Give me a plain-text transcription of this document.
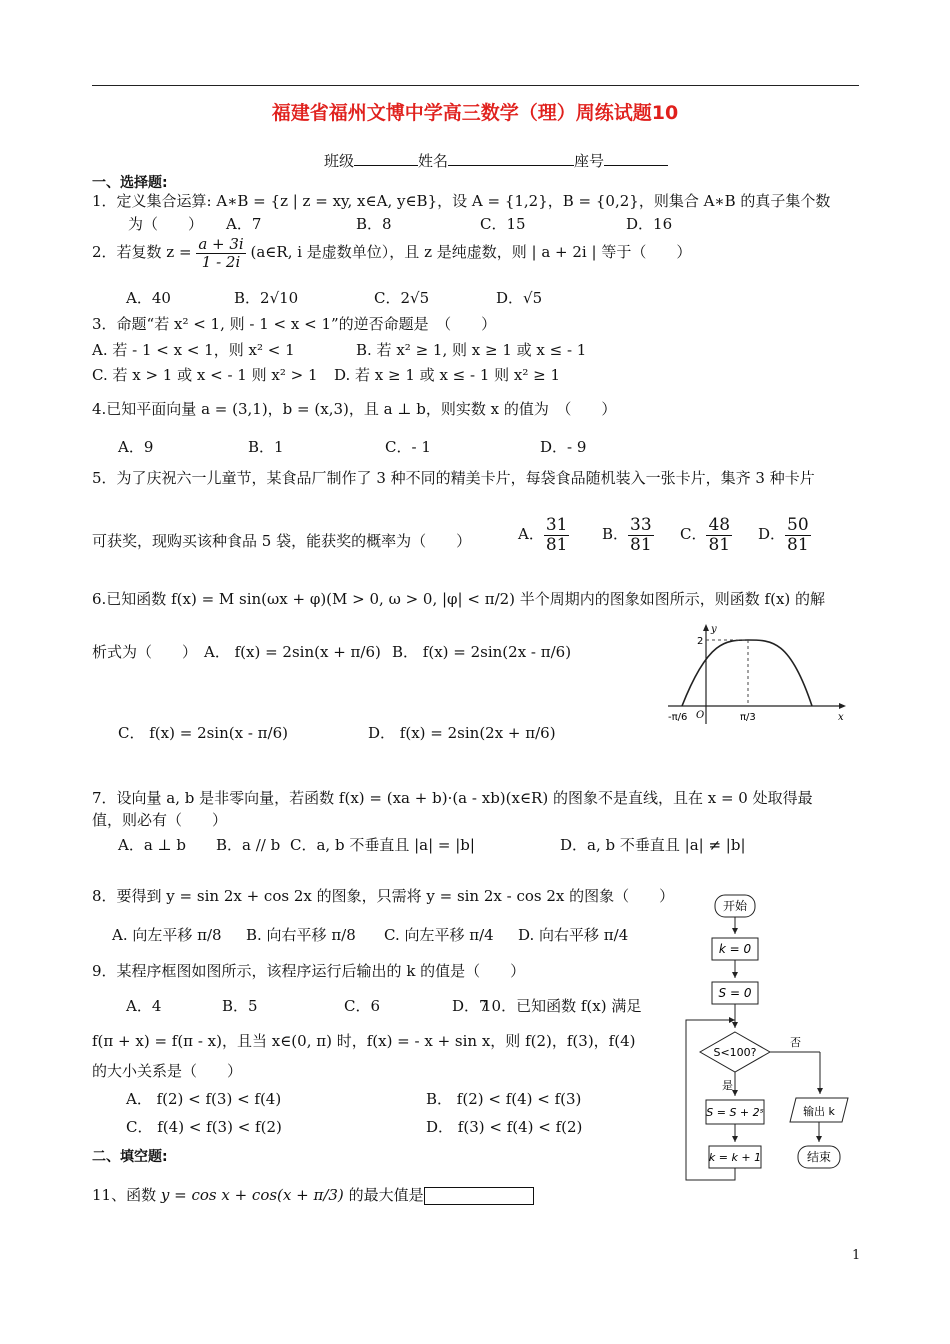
福建省福州文博中学高三数学（理）周练试题10
班级	姓名	座号
一、选择题:
1．定义集合运算: A∗B = {z | z = xy, x∈A, y∈B}，设 A = {1,2}，B = {0,2}，则集合 A∗B 的真子集个数
为（　　） A．7	B．8	C．15	D．16
2．若复数 $z = \frac{a + 3i}{1 - 2i}$ (a∈R, i 是虚数单位），且 z 是纯虚数，则 | a + 2i | 等于（　　）
A．40	B．2√10	C．2√5	D．√5
3．命题“若 x² < 1, 则 - 1 < x < 1”的逆否命题是　（　　）
A. 若 - 1 < x < 1，则 x² < 1	B. 若 x² ≥ 1, 则 x ≥ 1 或 x ≤ - 1
C. 若 x > 1 或 x < - 1 则 x² > 1 D. 若 x ≥ 1 或 x ≤ - 1 则 x² ≥ 1
4.已知平面向量 a = (3,1)，b = (x,3)，且 a ⊥ b，则实数 x 的值为　（　　）
A．9	B．1	C．- 1	D．- 9
5．为了庆祝六一儿童节，某食品厂制作了 3 种不同的精美卡片，每袋食品随机装入一张卡片，集齐 3 种卡片
可获奖，现购买该种食品 5 袋，能获奖的概率为（　　）	A． $\frac{31}{81}$ B． $\frac{33}{81}$ C． $\frac{48}{81}$ D． $\frac{50}{81}$
6.已知函数 f(x) = M sin(ωx + φ)(M > 0, ω > 0, |φ| < π/2) 半个周期内的图象如图所示，则函数 f(x) 的解
析式为（　　） A． f(x) = 2sin(x + π/6) B． f(x) = 2sin(2x - π/6)
C． f(x) = 2sin(x - π/6)	D． f(x) = 2sin(2x + π/6)
y
x
2
-π/6 O	π/3
7．设向量 a, b 是非零向量，若函数 f(x) = (xa + b)·(a - xb)(x∈R) 的图象不是直线，且在 x = 0 处取得最
值，则必有（　　）
A．a ⊥ b B．a // b C．a, b 不垂直且 |a| = |b|	D．a, b 不垂直且 |a| ≠ |b|
8．要得到 y = sin 2x + cos 2x 的图象，只需将 y = sin 2x - cos 2x 的图象（　　）
A. 向左平移 π/8 B. 向右平移 π/8 C. 向左平移 π/4 D. 向右平移 π/4
9．某程序框图如图所示，该程序运行后输出的 k 的值是（　　）
A．4	B．5	C．6	D．7
10．已知函数 f(x) 满足
f(π + x) = f(π - x)，且当 x∈(0, π) 时，f(x) = - x + sin x，则 f(2)，f(3)，f(4)
的大小关系是（　　）
A． f(2) < f(3) < f(4)	B． f(2) < f(4) < f(3)
C． f(4) < f(3) < f(2)	D． f(3) < f(4) < f(2)
开始
k = 0
S = 0
S<100?
否
是
S = S + 2ˢ	输出 k
k = k + 1	结束
二、填空题:
11、函数 y = cos x + cos(x + π/3) 的最大值是
1
